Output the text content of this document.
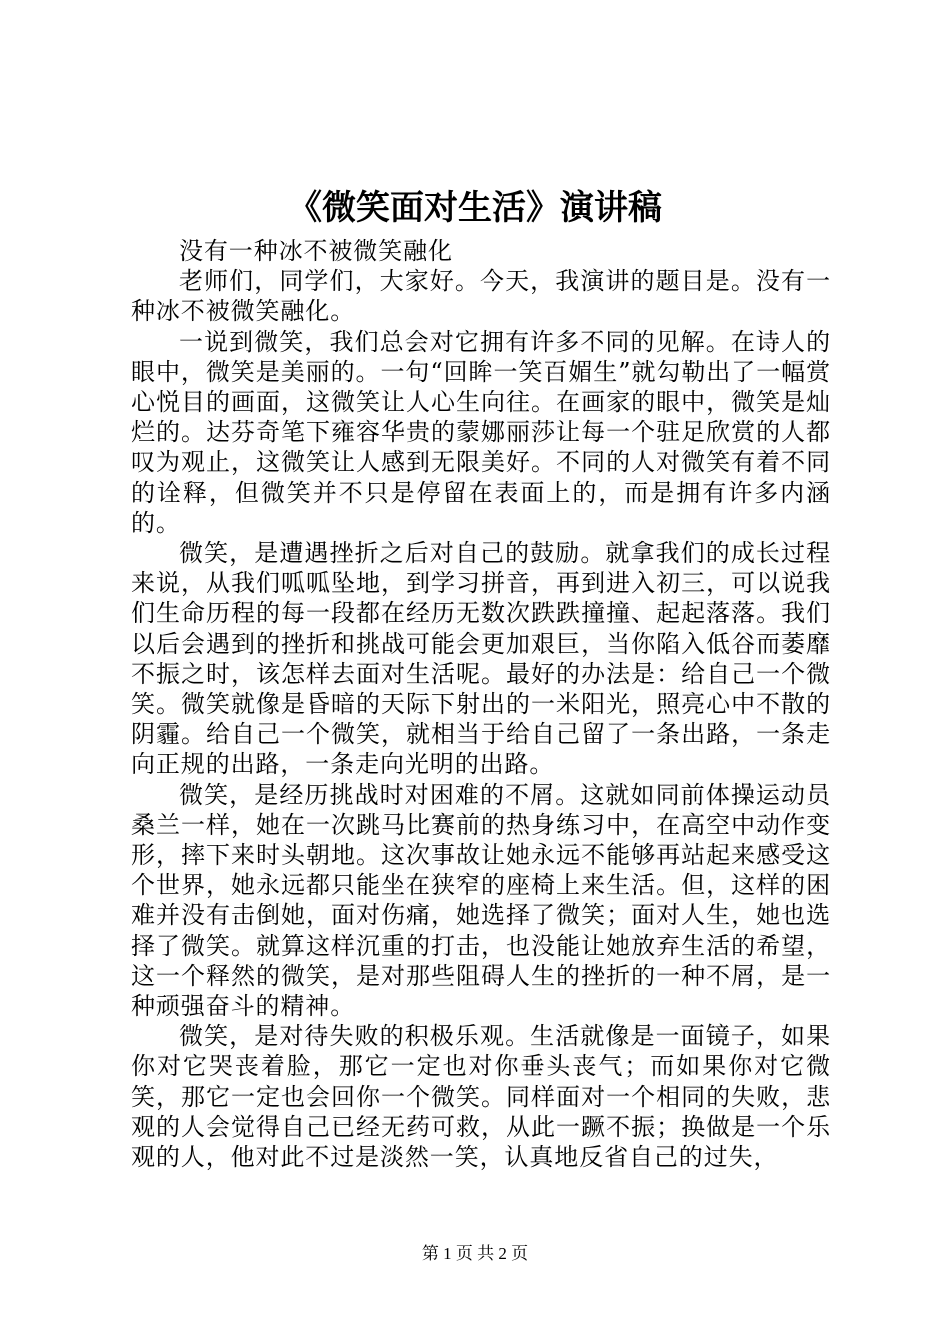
《微笑面对生活》演讲稿

没有一种冰不被微笑融化

老师们，同学们，大家好。今天，我演讲的题目是。没有一种冰不被微笑融化。

一说到微笑，我们总会对它拥有许多不同的见解。在诗人的眼中，微笑是美丽的。一句“回眸一笑百媚生”就勾勒出了一幅赏心悦目的画面，这微笑让人心生向往。在画家的眼中，微笑是灿烂的。达芬奇笔下雍容华贵的蒙娜丽莎让每一个驻足欣赏的人都叹为观止，这微笑让人感到无限美好。不同的人对微笑有着不同的诠释，但微笑并不只是停留在表面上的，而是拥有许多内涵的。

微笑，是遭遇挫折之后对自己的鼓励。就拿我们的成长过程来说，从我们呱呱坠地，到学习拼音，再到进入初三，可以说我们生命历程的每一段都在经历无数次跌跌撞撞、起起落落。我们以后会遇到的挫折和挑战可能会更加艰巨，当你陷入低谷而萎靡不振之时，该怎样去面对生活呢。最好的办法是：给自己一个微笑。微笑就像是昏暗的天际下射出的一米阳光，照亮心中不散的阴霾。给自己一个微笑，就相当于给自己留了一条出路，一条走向正规的出路，一条走向光明的出路。

微笑，是经历挑战时对困难的不屑。这就如同前体操运动员桑兰一样，她在一次跳马比赛前的热身练习中，在高空中动作变形，摔下来时头朝地。这次事故让她永远不能够再站起来感受这个世界，她永远都只能坐在狭窄的座椅上来生活。但，这样的困难并没有击倒她，面对伤痛，她选择了微笑；面对人生，她也选择了微笑。就算这样沉重的打击，也没能让她放弃生活的希望，这一个释然的微笑，是对那些阻碍人生的挫折的一种不屑，是一种顽强奋斗的精神。

微笑，是对待失败的积极乐观。生活就像是一面镜子，如果你对它哭丧着脸，那它一定也对你垂头丧气；而如果你对它微笑，那它一定也会回你一个微笑。同样面对一个相同的失败，悲观的人会觉得自己已经无药可救，从此一蹶不振；换做是一个乐观的人，他对此不过是淡然一笑，认真地反省自己的过失，

第 1 页 共 2 页
